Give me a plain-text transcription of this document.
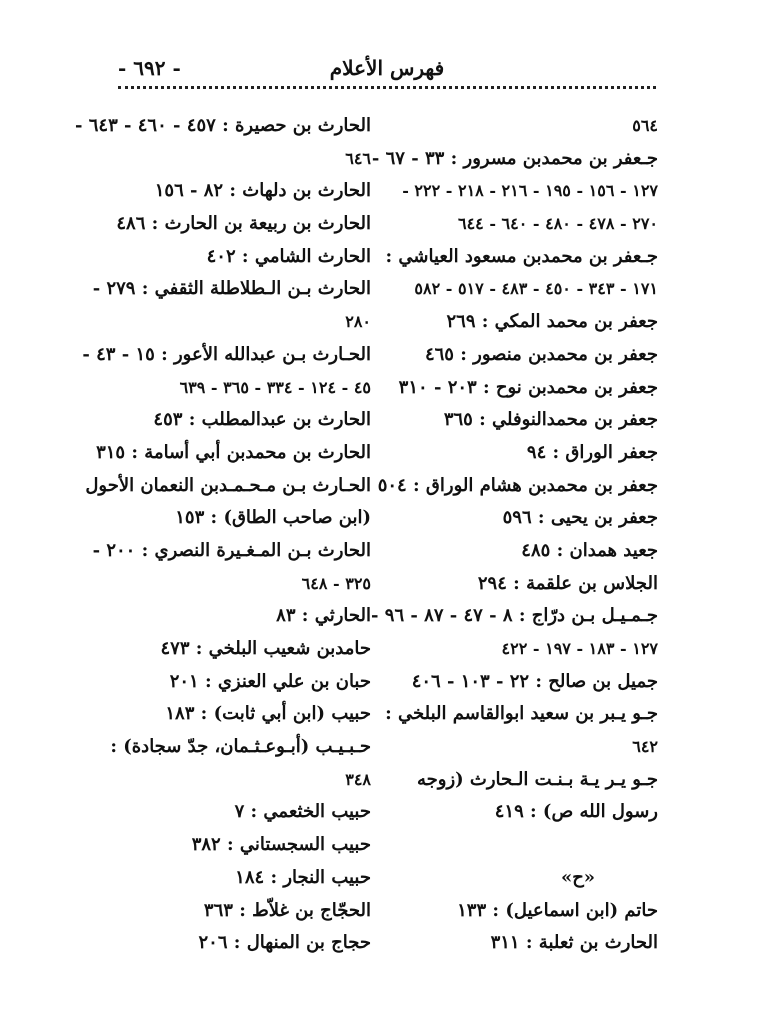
فهرس الأعلام
- ٦٩٢ -
٥٦٤
جـعفر بن محمدبن مسرور : ٣٣ - ٦٧ -
١٢٧ - ١٥٦ - ١٩٥ - ٢١٦ - ٢١٨ - ٢٢٢ -
٢٧٠ - ٤٧٨ - ٤٨٠ - ٦٤٠ - ٦٤٤
جـعفر بن محمدبن مسعود العياشي :
١٧١ - ٣٤٣ - ٤٥٠ - ٤٨٣ - ٥١٧ - ٥٨٢
جعفر بن محمد المكي : ٢٦٩
جعفر بن محمدبن منصور : ٤٦٥
جعفر بن محمدبن نوح : ٢٠٣ - ٣١٠
جعفر بن محمدالنوفلي : ٣٦٥
جعفر الوراق : ٩٤
جعفر بن محمدبن هشام الوراق : ٥٠٤
جعفر بن يحيى : ٥٩٦
جعيد همدان : ٤٨٥
الجلاس بن علقمة : ٢٩٤
جـمـيـل بـن درّاج : ٨ - ٤٧ - ٨٧ - ٩٦ -
١٢٧ - ١٨٣ - ١٩٧ - ٤٢٢
جميل بن صالح : ٢٢ - ١٠٣ - ٤٠٦
جـو يـبر بن سعيد ابوالقاسم البلخي :
٦٤٢
جـو يـر يـة بـنـت الـحارث (زوجه
رسول الله ص) : ٤١٩
«ح»
حاتم (ابن اسماعيل) : ١٣٣
الحارث بن ثعلبة : ٣١١
الحارث بن حصيرة : ٤٥٧ - ٤٦٠ - ٦٤٣ -
٦٤٦
الحارث بن دلهاث : ٨٢ - ١٥٦
الحارث بن ربيعة بن الحارث : ٤٨٦
الحارث الشامي : ٤٠٢
الحارث بـن الـطلاطلة الثقفي : ٢٧٩ -
٢٨٠
الحـارث بـن عبدالله الأعور : ١٥ - ٤٣ -
٤٥ - ١٢٤ - ٣٣٤ - ٣٦٥ - ٦٣٩
الحارث بن عبدالمطلب : ٤٥٣
الحارث بن محمدبن أبي أسامة : ٣١٥
الحـارث بـن مـحـمـدبن النعمان الأحول
(ابن صاحب الطاق) : ١٥٣
الحارث بـن المـغـيرة النصري : ٢٠٠ -
٣٢٥ - ٦٤٨
الحارثي : ٨٣
حامدبن شعيب البلخي : ٤٧٣
حبان بن علي العنزي : ٢٠١
حبيب (ابن أبي ثابت) : ١٨٣
حـبـيـب (أبـوعـثـمان، جدّ سجادة) :
٣٤٨
حبيب الخثعمي : ٧
حبيب السجستاني : ٣٨٢
حبيب النجار : ١٨٤
الحجّاج بن غلاّط : ٣٦٣
حجاج بن المنهال : ٢٠٦
